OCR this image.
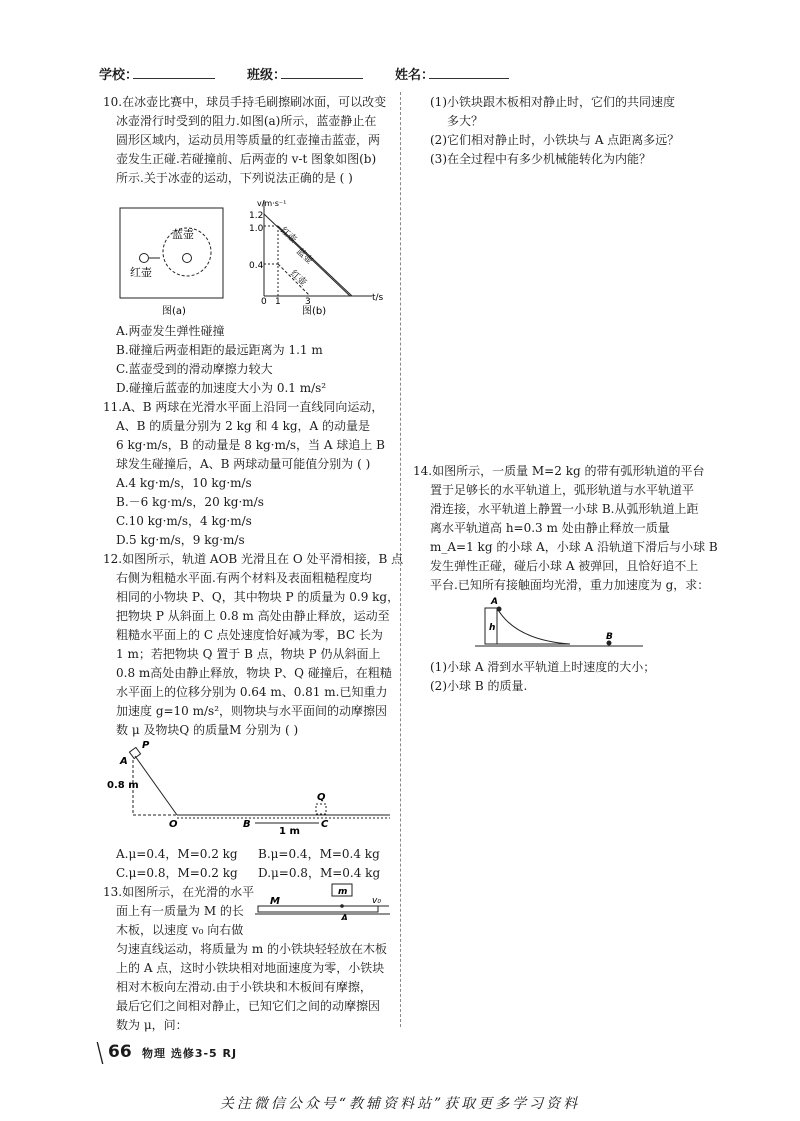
学校：	班级：	姓名：
10.在冰壶比赛中，球员手持毛刷擦刷冰面，可以改变
冰壶滑行时受到的阻力.如图(a)所示，蓝壶静止在
圆形区域内，运动员用等质量的红壶撞击蓝壶，两
壶发生正碰.若碰撞前、后两壶的 v-t 图象如图(b)
所示.关于冰壶的运动，下列说法正确的是 ( )
红壶
蓝壶
图(a)
v/m·s⁻¹
t/s
1.2
1.0
0.4
0 1	3
红壶
蓝壶
红壶
图(b)
A.两壶发生弹性碰撞
B.碰撞后两壶相距的最远距离为 1.1 m
C.蓝壶受到的滑动摩擦力较大
D.碰撞后蓝壶的加速度大小为 0.1 m/s²
11.A、B 两球在光滑水平面上沿同一直线同向运动，
A、B 的质量分别为 2 kg 和 4 kg，A 的动量是
6 kg·m/s，B 的动量是 8 kg·m/s，当 A 球追上 B
球发生碰撞后，A、B 两球动量可能值分别为 ( )
A.4 kg·m/s，10 kg·m/s
B.－6 kg·m/s，20 kg·m/s
C.10 kg·m/s，4 kg·m/s
D.5 kg·m/s，9 kg·m/s
12.如图所示，轨道 AOB 光滑且在 O 处平滑相接，B 点
右侧为粗糙水平面.有两个材料及表面粗糙程度均
相同的小物块 P、Q，其中物块 P 的质量为 0.9 kg，
把物块 P 从斜面上 0.8 m 高处由静止释放，运动至
粗糙水平面上的 C 点处速度恰好减为零，BC 长为
1 m；若把物块 Q 置于 B 点，物块 P 仍从斜面上
0.8 m高处由静止释放，物块 P、Q 碰撞后，在粗糙
水平面上的位移分别为 0.64 m、0.81 m.已知重力
加速度 g=10 m/s²，则物块与水平面间的动摩擦因
数 μ 及物块Q 的质量M 分别为 ( )
P
A
0.8 m
O
Q
B	C
1 m
A.μ=0.4，M=0.2 kg B.μ=0.4，M=0.4 kg
C.μ=0.8，M=0.2 kg D.μ=0.8，M=0.4 kg
13.如图所示，在光滑的水平
面上有一质量为 M 的长
木板，以速度 v₀ 向右做
匀速直线运动，将质量为 m 的小铁块轻轻放在木板
上的 A 点，这时小铁块相对地面速度为零，小铁块
相对木板向左滑动.由于小铁块和木板间有摩擦，
最后它们之间相对静止，已知它们之间的动摩擦因
数为 μ，问：
m
M
A
v₀
(1)小铁块跟木板相对静止时，它们的共同速度
多大？
(2)它们相对静止时，小铁块与 A 点距离多远？
(3)在全过程中有多少机械能转化为内能？
14.如图所示，一质量 M=2 kg 的带有弧形轨道的平台
置于足够长的水平轨道上，弧形轨道与水平轨道平
滑连接，水平轨道上静置一小球 B.从弧形轨道上距
离水平轨道高 h=0.3 m 处由静止释放一质量
m_A=1 kg 的小球 A，小球 A 沿轨道下滑后与小球 B
发生弹性正碰，碰后小球 A 被弹回，且恰好追不上
平台.已知所有接触面均光滑，重力加速度为 g，求：
A
h
B
(1)小球 A 滑到水平轨道上时速度的大小；
(2)小球 B 的质量.
66 物理 选修3-5 RJ
关注微信公众号“教辅资料站”获取更多学习资料
